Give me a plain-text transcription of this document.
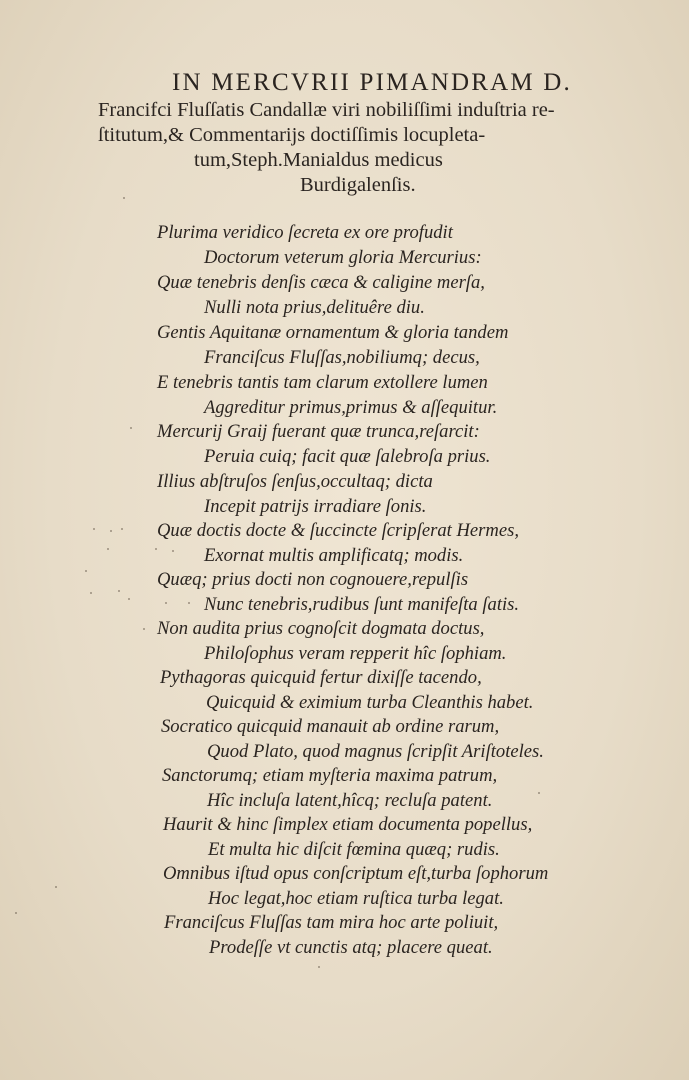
IN MERCVRII PIMANDRAM D.
Francifci Fluſſatis Candallæ viri nobiliſſimi induſtria re-
ſtitutum,& Commentarijs doctiſſimis locupleta-
tum,Steph.Manialdus medicus
Burdigalenſis.
Plurima veridico ſecreta ex ore profudit
Doctorum veterum gloria Mercurius:
Quæ tenebris denſis cæca & caligine merſa,
Nulli nota prius,delituêre diu.
Gentis Aquitanæ ornamentum & gloria tandem
Franciſcus Fluſſas,nobiliumq; decus,
E tenebris tantis tam clarum extollere lumen
Aggreditur primus,primus & aſſequitur.
Mercurij Graij fuerant quæ trunca,reſarcit:
Peruia cuiq; facit quæ ſalebroſa prius.
Illius abſtruſos ſenſus,occultaq; dicta
Incepit patrijs irradiare ſonis.
Quæ doctis docte & ſuccincte ſcripſerat Hermes,
Exornat multis amplificatq; modis.
Quæq; prius docti non cognouere,repulſis
Nunc tenebris,rudibus ſunt manifeſta ſatis.
Non audita prius cognoſcit dogmata doctus,
Philoſophus veram repperit hîc ſophiam.
Pythagoras quicquid fertur dixiſſe tacendo,
Quicquid & eximium turba Cleanthis habet.
Socratico quicquid manauit ab ordine rarum,
Quod Plato, quod magnus ſcripſit Ariſtoteles.
Sanctorumq; etiam myſteria maxima patrum,
Hîc incluſa latent,hîcq; recluſa patent.
Haurit & hinc ſimplex etiam documenta popellus,
Et multa hic diſcit fœmina quæq; rudis.
Omnibus iſtud opus conſcriptum eſt,turba ſophorum
Hoc legat,hoc etiam ruſtica turba legat.
Franciſcus Fluſſas tam mira hoc arte poliuit,
Prodeſſe vt cunctis atq; placere queat.
